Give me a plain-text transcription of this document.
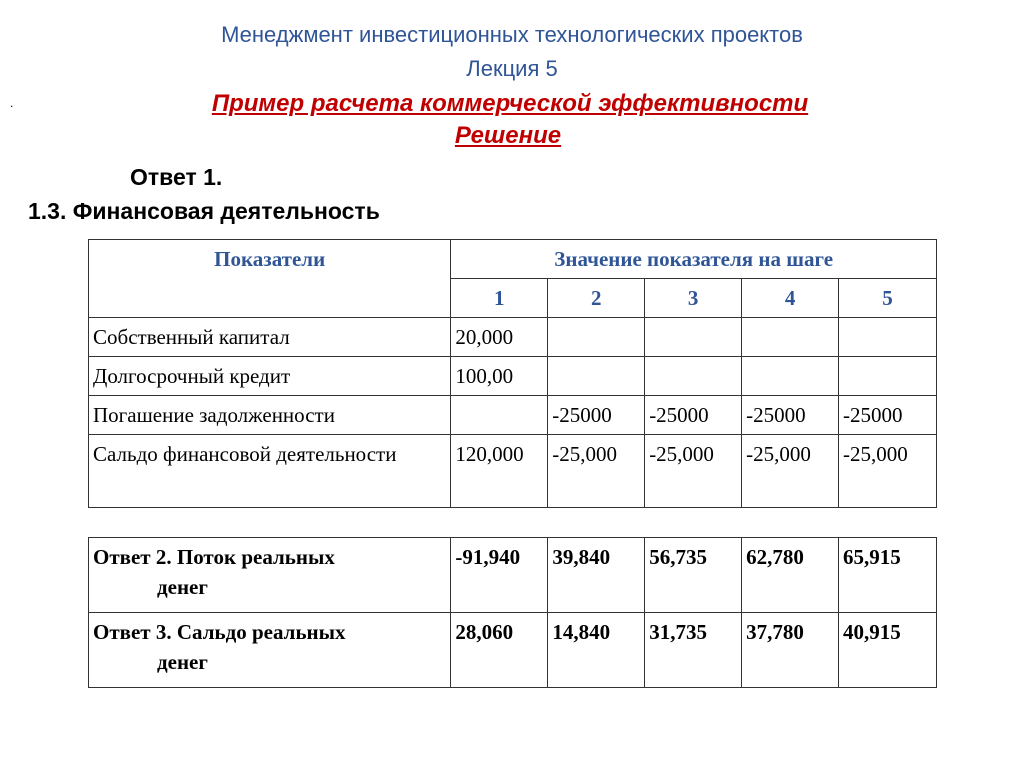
Менеджмент инвестиционных технологических проектов
Лекция 5
.	Пример расчета коммерческой эффективности
Решение
Ответ 1.
1.3. Финансовая деятельность
Показатели	Значение показателя на шаге				
	1	2	3	4	5
Собственный капитал	20,000				
Долгосрочный кредит	100,00				
Погашение задолженности		-25000	-25000	-25000	-25000
Сальдо финансовой деятельности	120,000	-25,000	-25,000	-25,000	-25,000
Ответ 2. Поток реальных
денег	-91,940	39,840	56,735	62,780	65,915
Ответ 3. Сальдо реальных
денег	28,060	14,840	31,735	37,780	40,915
